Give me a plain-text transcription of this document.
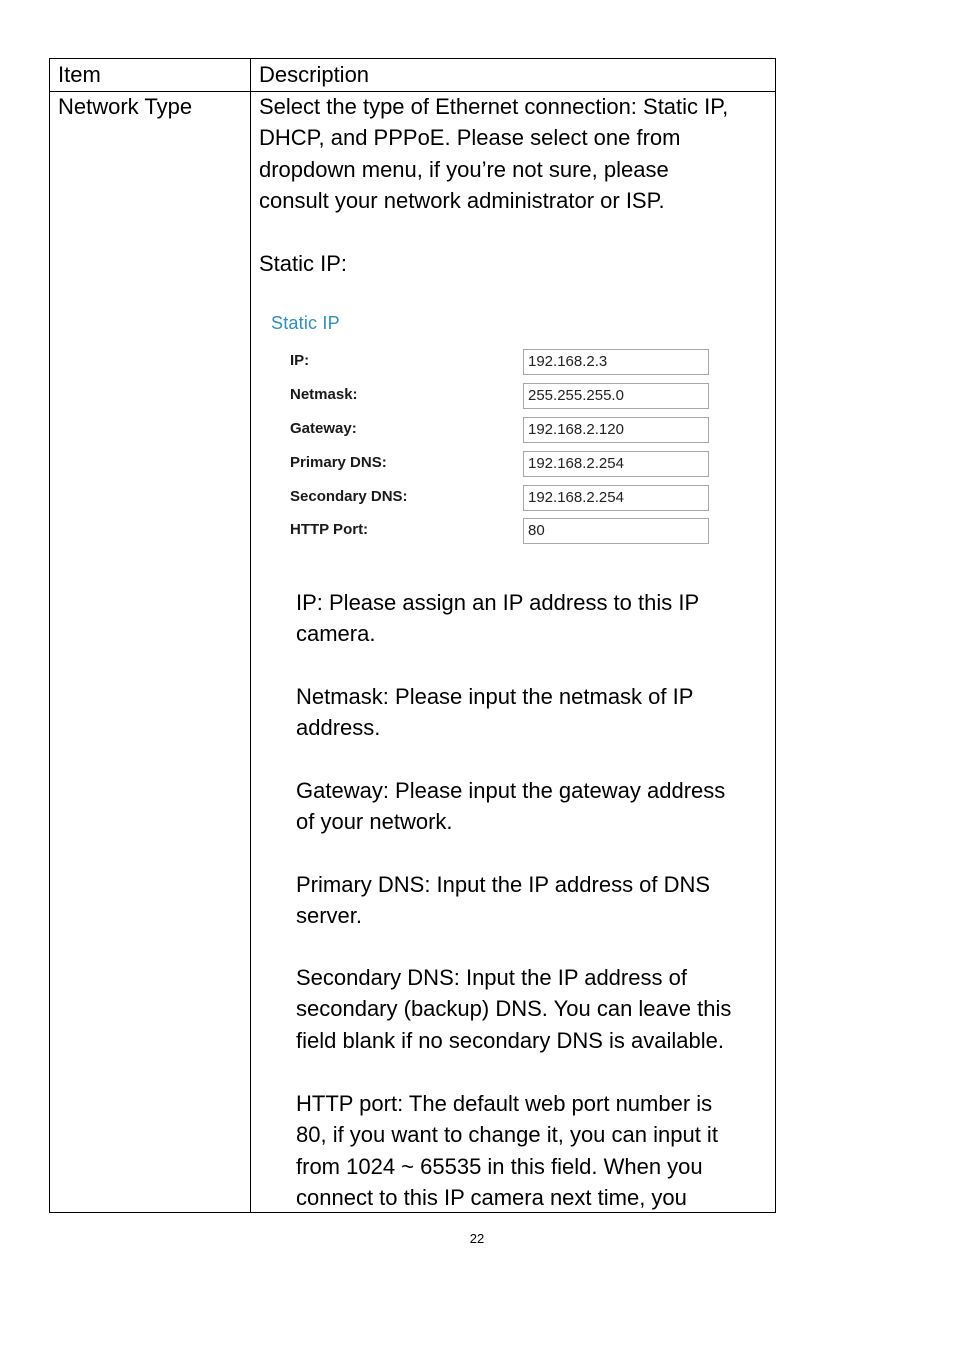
Item	Description
Network Type	Select the type of Ethernet connection: Static IP,
DHCP, and PPPoE. Please select one from
dropdown menu, if you’re not sure, please
consult your network administrator or ISP.
Static IP:
Static IP
IP:	192.168.2.3
Netmask:	255.255.255.0
Gateway:	192.168.2.120
Primary DNS:	192.168.2.254
Secondary DNS:	192.168.2.254
HTTP Port:	80
IP: Please assign an IP address to this IP
camera.
Netmask: Please input the netmask of IP
address.
Gateway: Please input the gateway address
of your network.
Primary DNS: Input the IP address of DNS
server.
Secondary DNS: Input the IP address of
secondary (backup) DNS. You can leave this
field blank if no secondary DNS is available.
HTTP port: The default web port number is
80, if you want to change it, you can input it
from 1024 ~ 65535 in this field. When you
connect to this IP camera next time, you
22
